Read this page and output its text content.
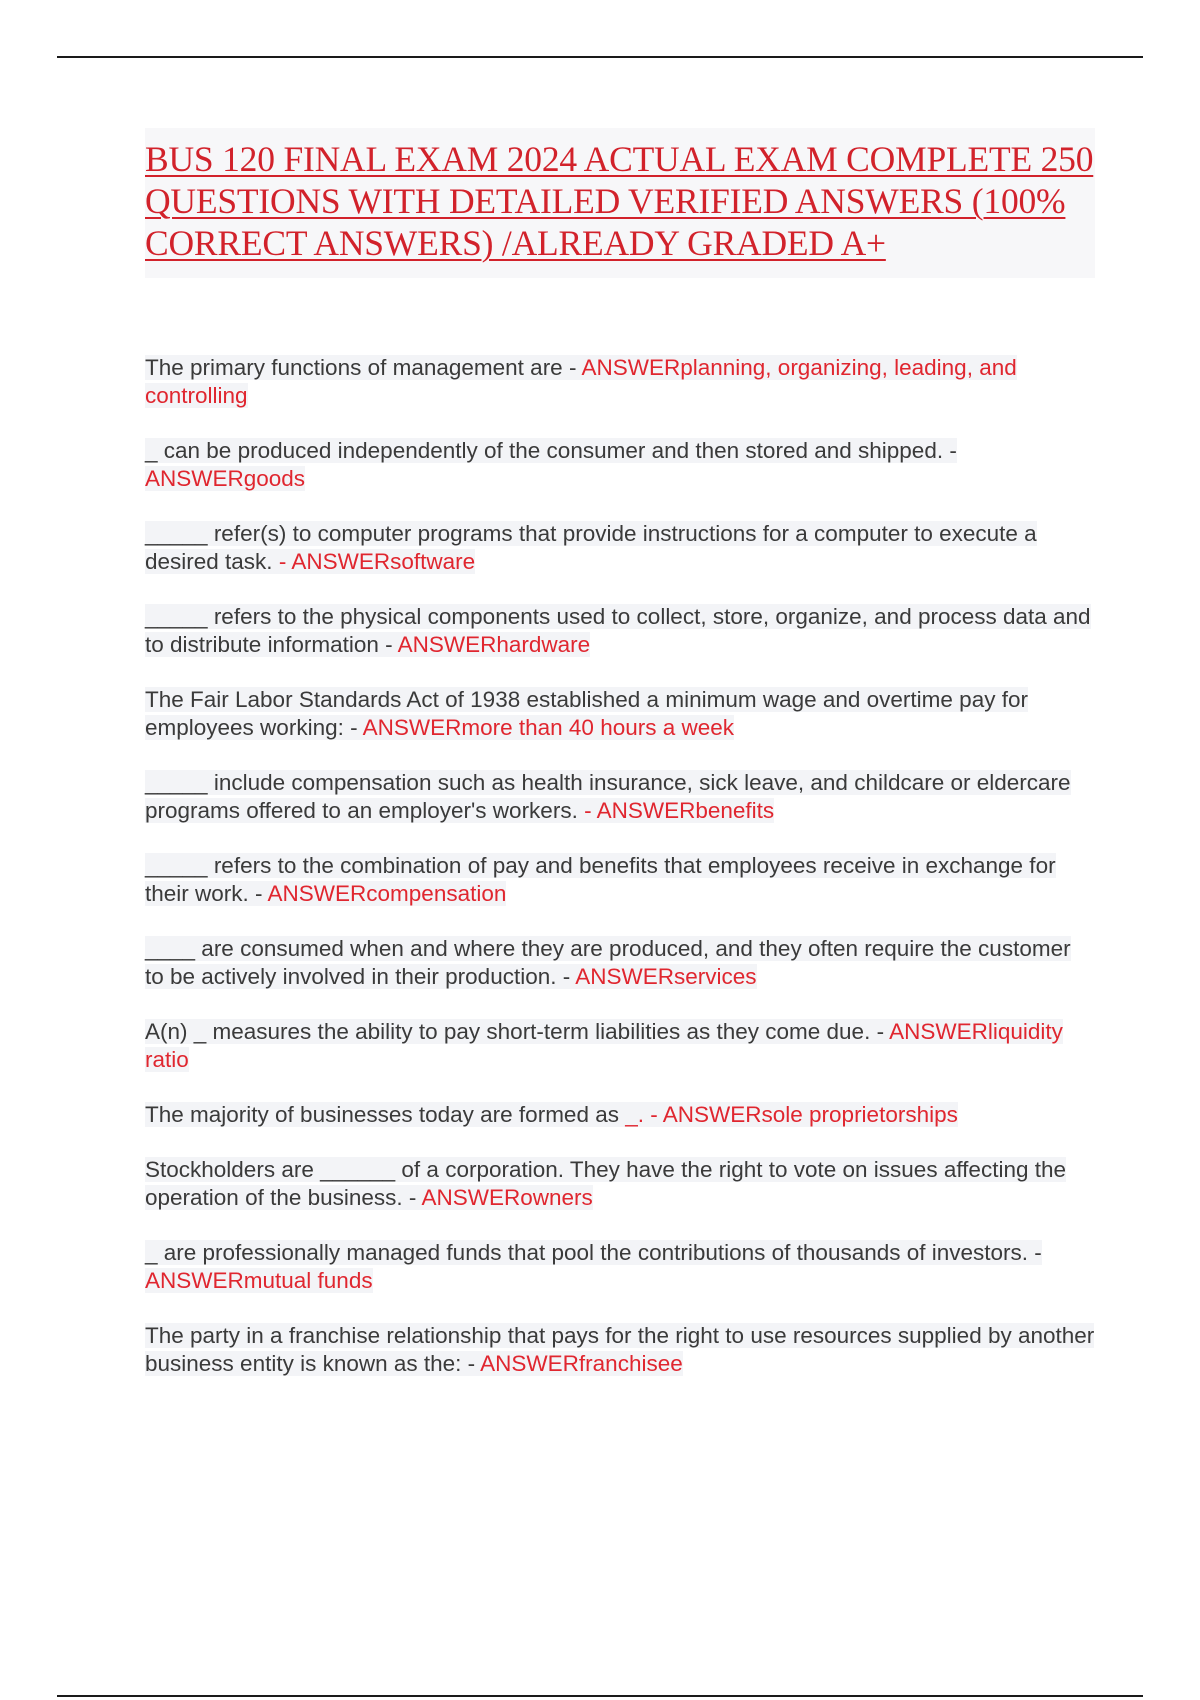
BUS 120 FINAL EXAM 2024 ACTUAL EXAM COMPLETE 250 QUESTIONS WITH DETAILED VERIFIED ANSWERS (100% CORRECT ANSWERS) /ALREADY GRADED A+

The primary functions of management are - ANSWERplanning, organizing, leading, and controlling

_ can be produced independently of the consumer and then stored and shipped. - ANSWERgoods

_____ refer(s) to computer programs that provide instructions for a computer to execute a desired task. - ANSWERsoftware

_____ refers to the physical components used to collect, store, organize, and process data and to distribute information - ANSWERhardware

The Fair Labor Standards Act of 1938 established a minimum wage and overtime pay for employees working: - ANSWERmore than 40 hours a week

_____ include compensation such as health insurance, sick leave, and childcare or eldercare programs offered to an employer's workers. - ANSWERbenefits

_____ refers to the combination of pay and benefits that employees receive in exchange for their work. - ANSWERcompensation

____ are consumed when and where they are produced, and they often require the customer to be actively involved in their production. - ANSWERservices

A(n) _ measures the ability to pay short-term liabilities as they come due. - ANSWERliquidity ratio

The majority of businesses today are formed as _. - ANSWERsole proprietorships

Stockholders are ______ of a corporation. They have the right to vote on issues affecting the operation of the business. - ANSWERowners

_ are professionally managed funds that pool the contributions of thousands of investors. - ANSWERmutual funds

The party in a franchise relationship that pays for the right to use resources supplied by another business entity is known as the: - ANSWERfranchisee
